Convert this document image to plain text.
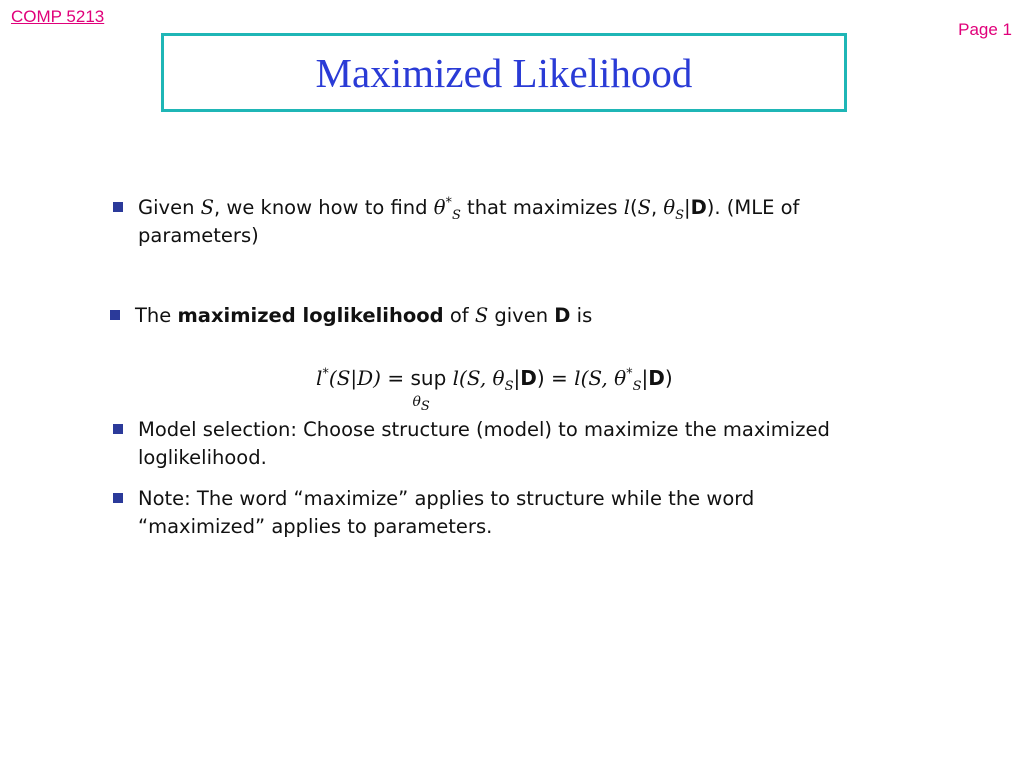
COMP 5213
Page 1
Maximized Likelihood
Given S, we know how to find $\theta^*_S$ that maximizes l(S, $\theta_S|D$). (MLE of parameters)
The maximized loglikelihood of S given D is
l*(S|D) = sup
$\theta_S$
l(S, $\theta_S|D) = l(S$, $\theta^*_S|D$)
Model selection: Choose structure (model) to maximize the maximized loglikelihood.
Note: The word “maximize” applies to structure while the word “maximized” applies to parameters.
